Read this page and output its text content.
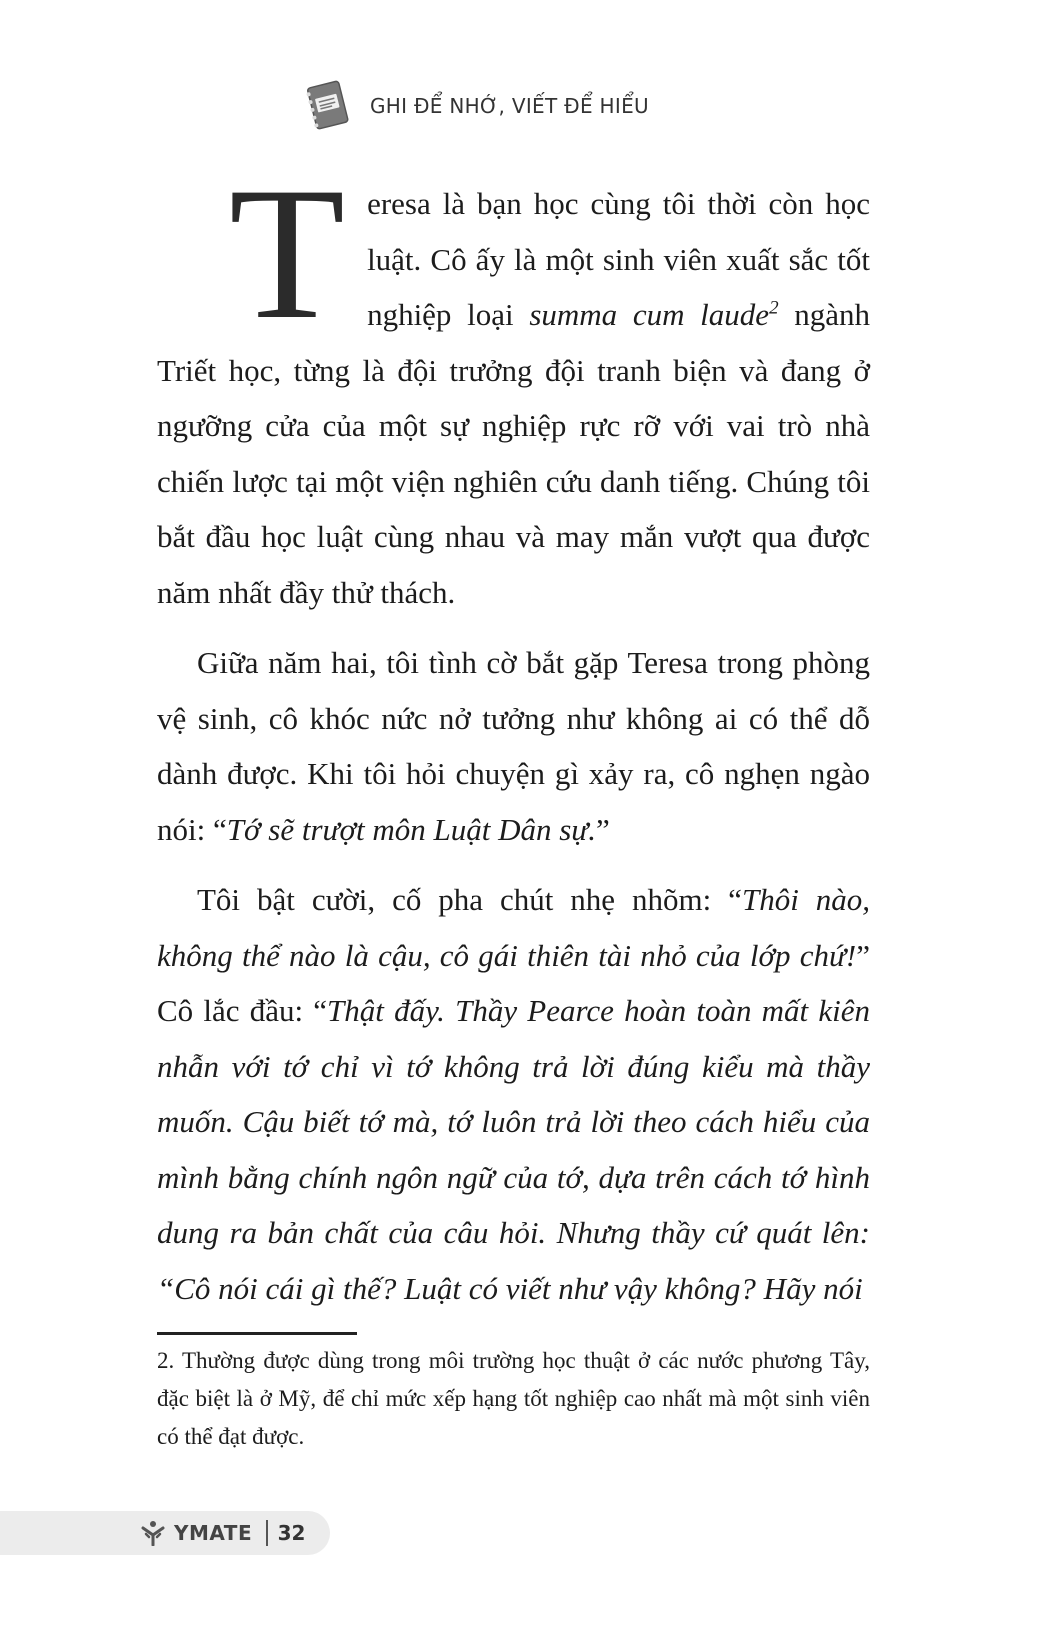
GHI ĐỂ NHỚ, VIẾT ĐỂ HIỂU

Teresa là bạn học cùng tôi thời còn học luật. Cô ấy là một sinh viên xuất sắc tốt nghiệp loại summa cum laude$^2$ ngành Triết học, từng là đội trưởng đội tranh biện và đang ở ngưỡng cửa của một sự nghiệp rực rỡ với vai trò nhà chiến lược tại một viện nghiên cứu danh tiếng. Chúng tôi bắt đầu học luật cùng nhau và may mắn vượt qua được năm nhất đầy thử thách.

Giữa năm hai, tôi tình cờ bắt gặp Teresa trong phòng vệ sinh, cô khóc nức nở tưởng như không ai có thể dỗ dành được. Khi tôi hỏi chuyện gì xảy ra, cô nghẹn ngào nói: “Tớ sẽ trượt môn Luật Dân sự.”

Tôi bật cười, cố pha chút nhẹ nhõm: “Thôi nào, không thể nào là cậu, cô gái thiên tài nhỏ của lớp chứ!” Cô lắc đầu: “Thật đấy. Thầy Pearce hoàn toàn mất kiên nhẫn với tớ chỉ vì tớ không trả lời đúng kiểu mà thầy muốn. Cậu biết tớ mà, tớ luôn trả lời theo cách hiểu của mình bằng chính ngôn ngữ của tớ, dựa trên cách tớ hình dung ra bản chất của câu hỏi. Nhưng thầy cứ quát lên: “Cô nói cái gì thế? Luật có viết như vậy không? Hãy nói

2. Thường được dùng trong môi trường học thuật ở các nước phương Tây, đặc biệt là ở Mỹ, để chỉ mức xếp hạng tốt nghiệp cao nhất mà một sinh viên có thể đạt được.
YMATE 32
